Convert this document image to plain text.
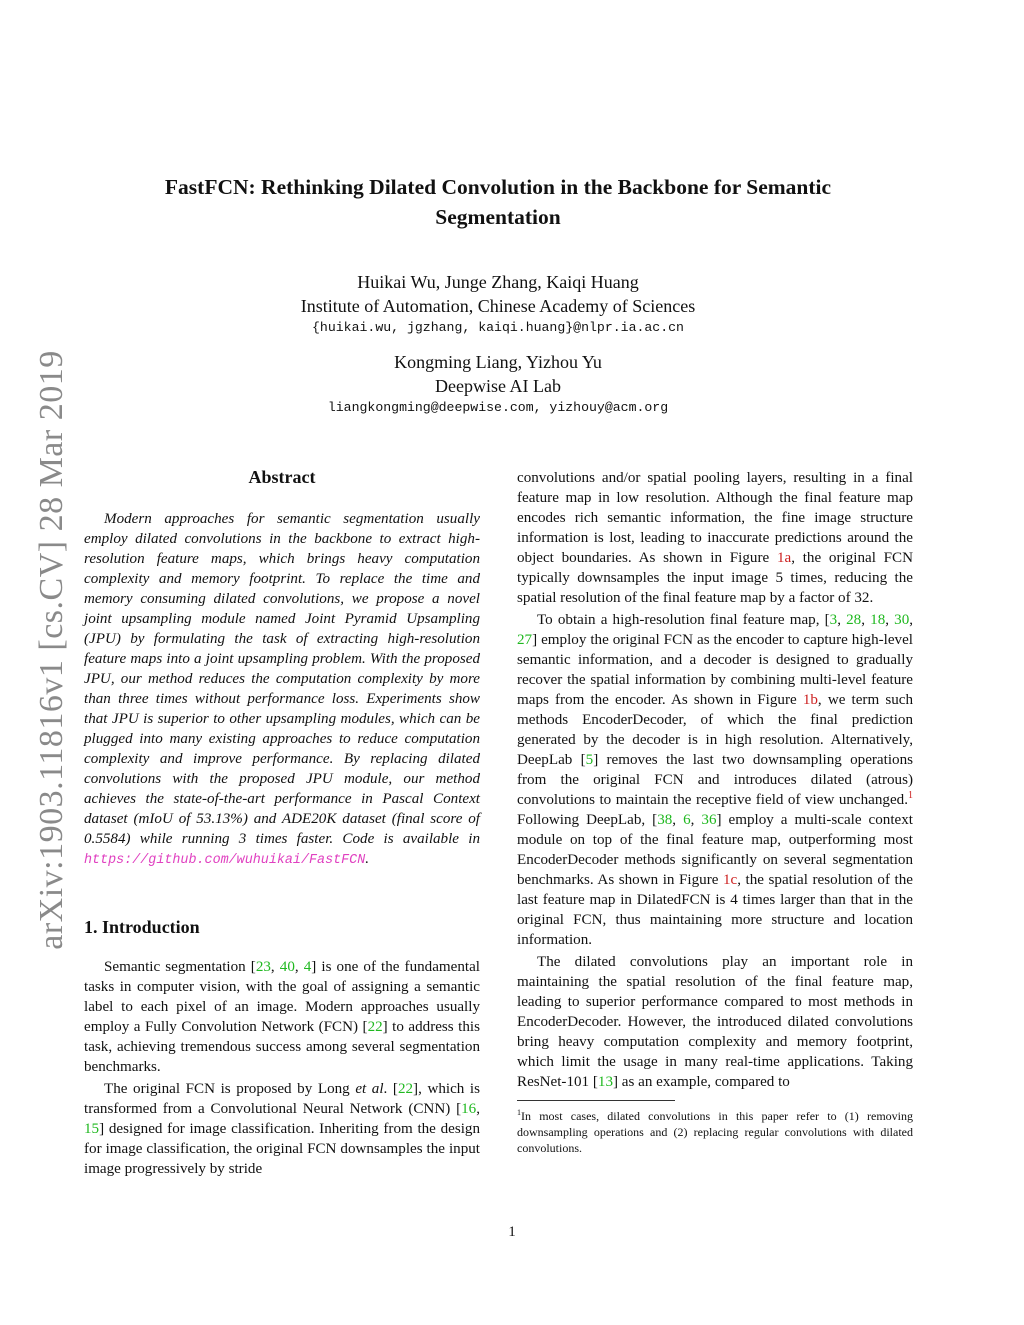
arXiv:1903.11816v1 [cs.CV] 28 Mar 2019
FastFCN: Rethinking Dilated Convolution in the Backbone for Semantic Segmentation
Huikai Wu, Junge Zhang, Kaiqi Huang
Institute of Automation, Chinese Academy of Sciences
{huikai.wu, jgzhang, kaiqi.huang}@nlpr.ia.ac.cn
Kongming Liang, Yizhou Yu
Deepwise AI Lab
liangkongming@deepwise.com, yizhouy@acm.org
Abstract

Modern approaches for semantic segmentation usually employ dilated convolutions in the backbone to extract high-resolution feature maps, which brings heavy computation complexity and memory footprint. To replace the time and memory consuming dilated convolutions, we propose a novel joint upsampling module named Joint Pyramid Upsampling (JPU) by formulating the task of extracting high-resolution feature maps into a joint upsampling problem. With the proposed JPU, our method reduces the computation complexity by more than three times without performance loss. Experiments show that JPU is superior to other upsampling modules, which can be plugged into many existing approaches to reduce computation complexity and improve performance. By replacing dilated convolutions with the proposed JPU module, our method achieves the state-of-the-art performance in Pascal Context dataset (mIoU of 53.13%) and ADE20K dataset (final score of 0.5584) while running 3 times faster. Code is available in https://github.com/wuhuikai/FastFCN.

1. Introduction

Semantic segmentation [23, 40, 4] is one of the fundamental tasks in computer vision, with the goal of assigning a semantic label to each pixel of an image. Modern approaches usually employ a Fully Convolution Network (FCN) [22] to address this task, achieving tremendous success among several segmentation benchmarks.

The original FCN is proposed by Long et al. [22], which is transformed from a Convolutional Neural Network (CNN) [16, 15] designed for image classification. Inheriting from the design for image classification, the original FCN downsamples the input image progressively by stride

convolutions and/or spatial pooling layers, resulting in a final feature map in low resolution. Although the final feature map encodes rich semantic information, the fine image structure information is lost, leading to inaccurate predictions around the object boundaries. As shown in Figure 1a, the original FCN typically downsamples the input image 5 times, reducing the spatial resolution of the final feature map by a factor of 32.

To obtain a high-resolution final feature map, [3, 28, 18, 30, 27] employ the original FCN as the encoder to capture high-level semantic information, and a decoder is designed to gradually recover the spatial information by combining multi-level feature maps from the encoder. As shown in Figure 1b, we term such methods EncoderDecoder, of which the final prediction generated by the decoder is in high resolution. Alternatively, DeepLab [5] removes the last two downsampling operations from the original FCN and introduces dilated (atrous) convolutions to maintain the receptive field of view unchanged.$^1$ Following DeepLab, [38, 6, 36] employ a multi-scale context module on top of the final feature map, outperforming most EncoderDecoder methods significantly on several segmentation benchmarks. As shown in Figure 1c, the spatial resolution of the last feature map in DilatedFCN is 4 times larger than that in the original FCN, thus maintaining more structure and location information.

The dilated convolutions play an important role in maintaining the spatial resolution of the final feature map, leading to superior performance compared to most methods in EncoderDecoder. However, the introduced dilated convolutions bring heavy computation complexity and memory footprint, which limit the usage in many real-time applications. Taking ResNet-101 [13] as an example, compared to

$^1$In most cases, dilated convolutions in this paper refer to (1) removing downsampling operations and (2) replacing regular convolutions with dilated convolutions.
1
